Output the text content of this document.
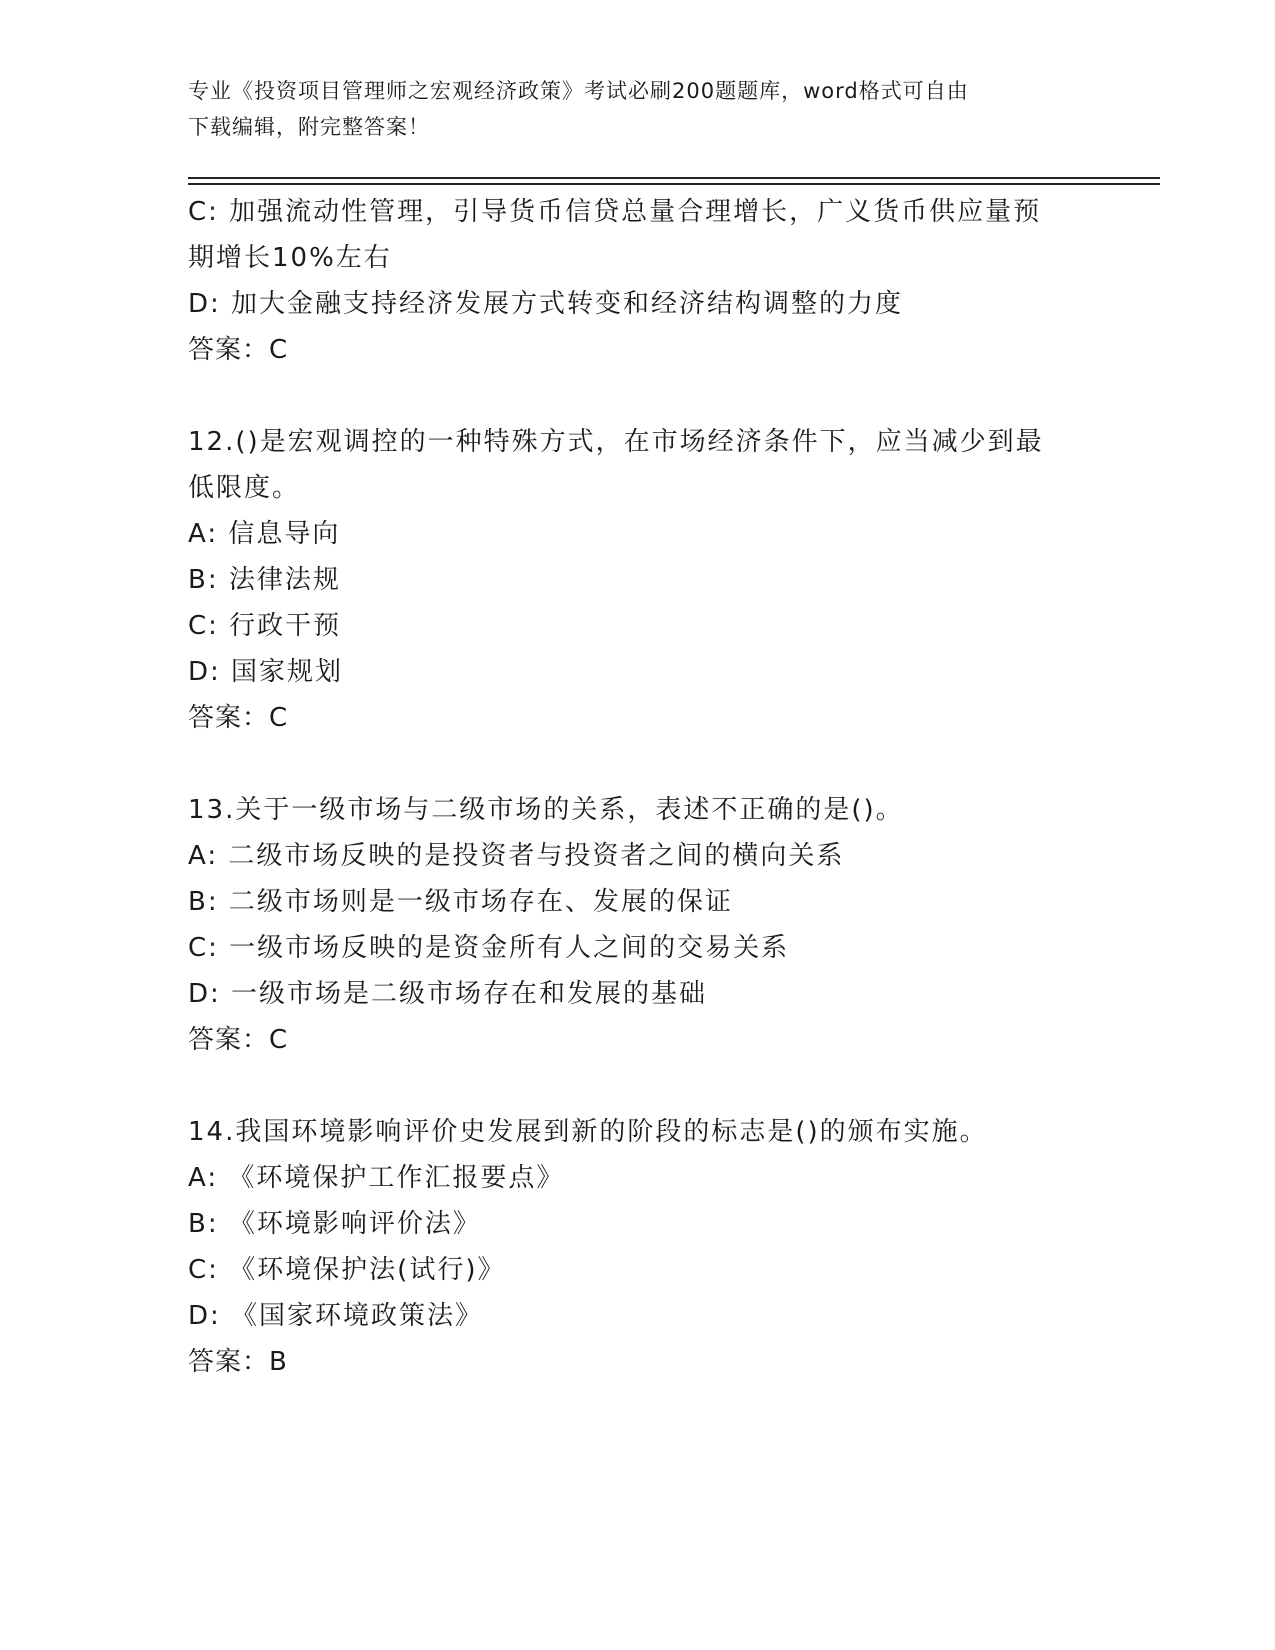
专业《投资项目管理师之宏观经济政策》考试必刷200题题库，word格式可自由
下载编辑，附完整答案！
C: 加强流动性管理，引导货币信贷总量合理增长，广义货币供应量预
期增长10%左右
D: 加大金融支持经济发展方式转变和经济结构调整的力度
答案：C
12.()是宏观调控的一种特殊方式，在市场经济条件下，应当减少到最
低限度。
A: 信息导向
B: 法律法规
C: 行政干预
D: 国家规划
答案：C
13.关于一级市场与二级市场的关系，表述不正确的是()。
A: 二级市场反映的是投资者与投资者之间的横向关系
B: 二级市场则是一级市场存在、发展的保证
C: 一级市场反映的是资金所有人之间的交易关系
D: 一级市场是二级市场存在和发展的基础
答案：C
14.我国环境影响评价史发展到新的阶段的标志是()的颁布实施。
A: 《环境保护工作汇报要点》
B: 《环境影响评价法》
C: 《环境保护法(试行)》
D: 《国家环境政策法》
答案：B
